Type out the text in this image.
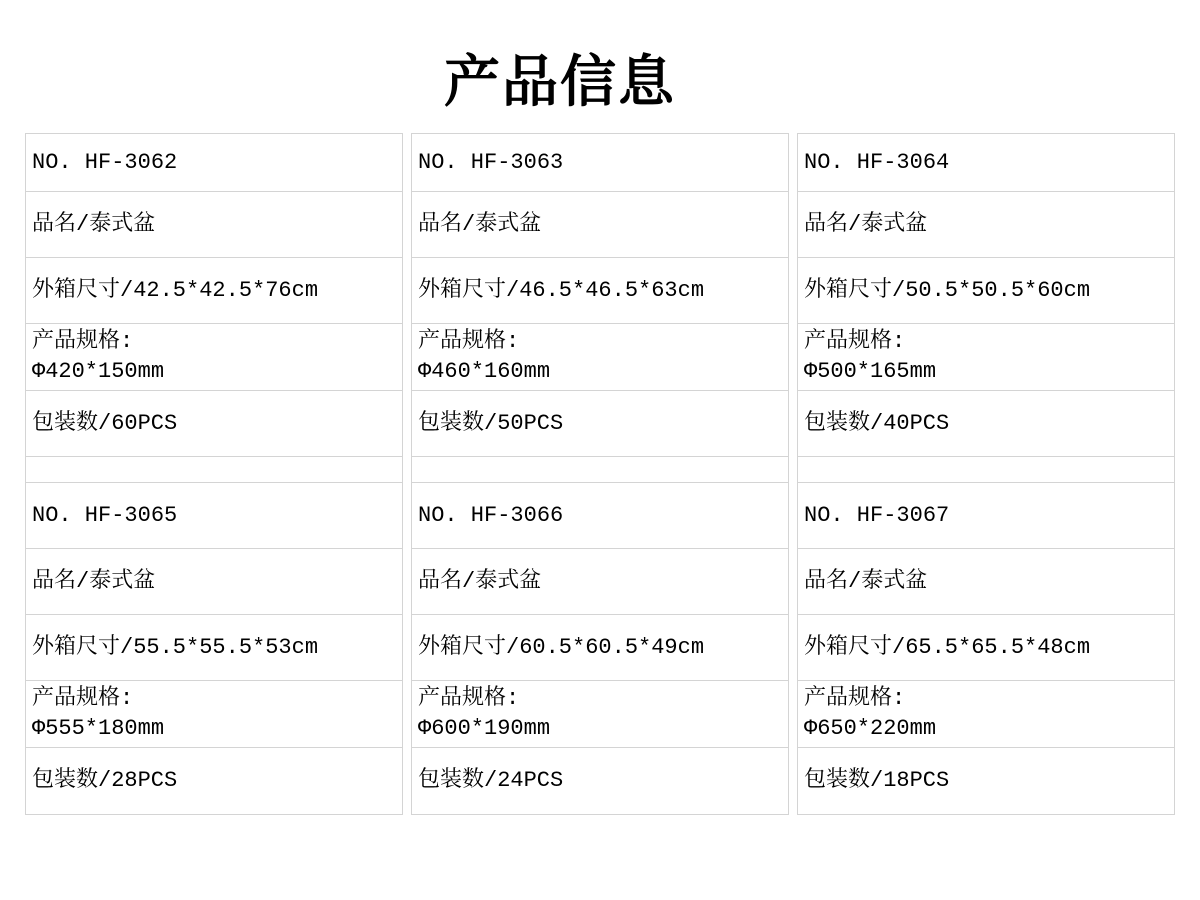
产品信息
NO. HF-3062
品名/泰式盆
外箱尺寸/42.5*42.5*76cm
产品规格:
Φ420*150mm
包装数/60PCS
NO. HF-3065
品名/泰式盆
外箱尺寸/55.5*55.5*53cm
产品规格:
Φ555*180mm
包装数/28PCS
NO. HF-3063
品名/泰式盆
外箱尺寸/46.5*46.5*63cm
产品规格:
Φ460*160mm
包装数/50PCS
NO. HF-3066
品名/泰式盆
外箱尺寸/60.5*60.5*49cm
产品规格:
Φ600*190mm
包装数/24PCS
NO. HF-3064
品名/泰式盆
外箱尺寸/50.5*50.5*60cm
产品规格:
Φ500*165mm
包装数/40PCS
NO. HF-3067
品名/泰式盆
外箱尺寸/65.5*65.5*48cm
产品规格:
Φ650*220mm
包装数/18PCS
